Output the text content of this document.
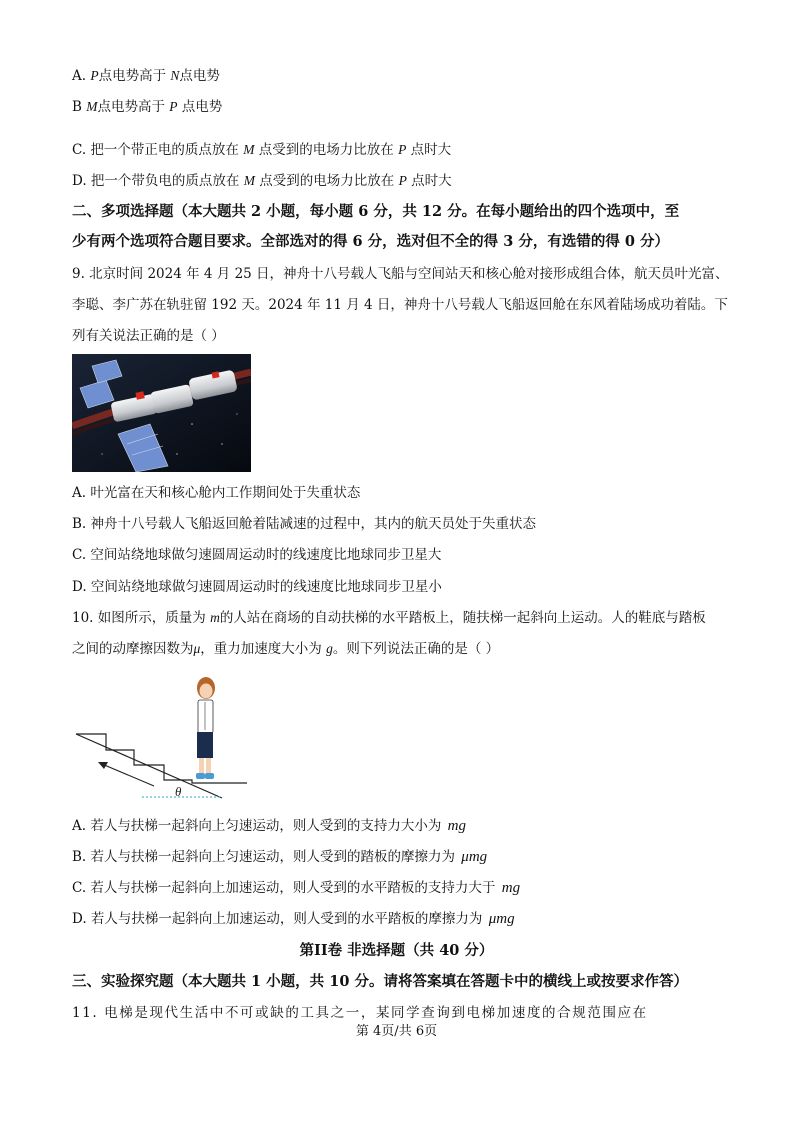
A. P点电势高于 N点电势
B M点电势高于 P 点电势
C. 把一个带正电的质点放在 M 点受到的电场力比放在 P 点时大
D. 把一个带负电的质点放在 M 点受到的电场力比放在 P 点时大
二、多项选择题（本大题共 2 小题，每小题 6 分，共 12 分。在每小题给出的四个选项中，至
少有两个选项符合题目要求。全部选对的得 6 分，选对但不全的得 3 分，有选错的得 0 分）
9. 北京时间 2024 年 4 月 25 日，神舟十八号载人飞船与空间站天和核心舱对接形成组合体，航天员叶光富、
李聪、李广苏在轨驻留 192 天。2024 年 11 月 4 日，神舟十八号载人飞船返回舱在东风着陆场成功着陆。下
列有关说法正确的是（ ）
A. 叶光富在天和核心舱内工作期间处于失重状态
B. 神舟十八号载人飞船返回舱着陆减速的过程中，其内的航天员处于失重状态
C. 空间站绕地球做匀速圆周运动时的线速度比地球同步卫星大
D. 空间站绕地球做匀速圆周运动时的线速度比地球同步卫星小
10. 如图所示，质量为 m的人站在商场的自动扶梯的水平踏板上，随扶梯一起斜向上运动。人的鞋底与踏板
之间的动摩擦因数为μ，重力加速度大小为 g。则下列说法正确的是（ ）
θ
A. 若人与扶梯一起斜向上匀速运动，则人受到的支持力大小为 mg
B. 若人与扶梯一起斜向上匀速运动，则人受到的踏板的摩擦力为 μmg
C. 若人与扶梯一起斜向上加速运动，则人受到的水平踏板的支持力大于 mg
D. 若人与扶梯一起斜向上加速运动，则人受到的水平踏板的摩擦力为 μmg
第II卷 非选择题（共 40 分）
三、实验探究题（本大题共 1 小题，共 10 分。请将答案填在答题卡中的横线上或按要求作答）
11. 电梯是现代生活中不可或缺的工具之一，某同学查询到电梯加速度的合规范围应在
第 4页/共 6页
